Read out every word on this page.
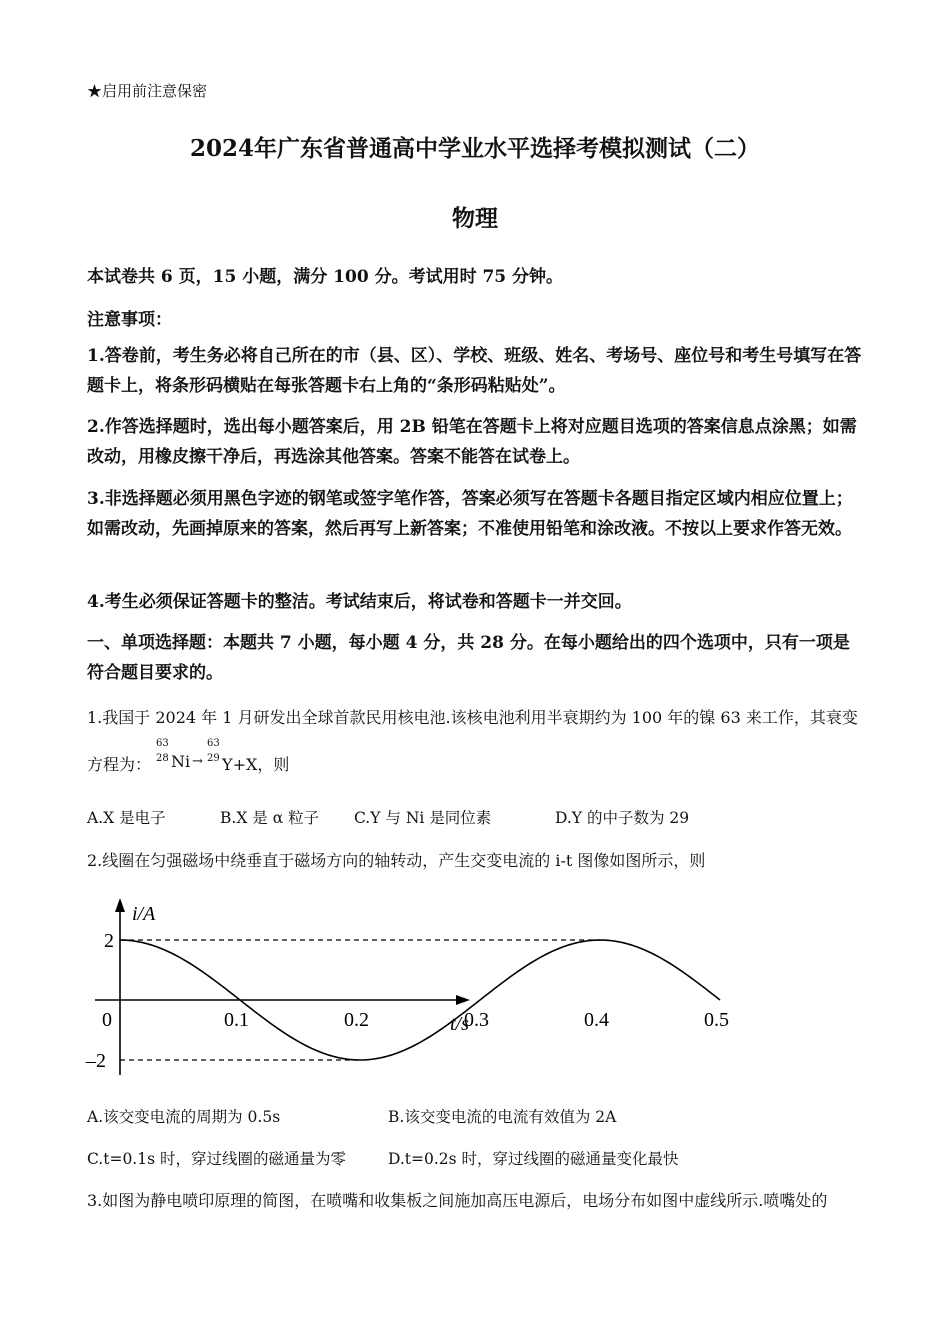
★启用前注意保密
2024年广东省普通高中学业水平选择考模拟测试（二）
物理
本试卷共 6 页，15 小题，满分 100 分。考试用时 75 分钟。
注意事项：
1.答卷前，考生务必将自己所在的市（县、区）、学校、班级、姓名、考场号、座位号和考生号填写在答题卡上，将条形码横贴在每张答题卡右上角的“条形码粘贴处”。
2.作答选择题时，选出每小题答案后，用 2B 铅笔在答题卡上将对应题目选项的答案信息点涂黑；如需改动，用橡皮擦干净后，再选涂其他答案。答案不能答在试卷上。
3.非选择题必须用黑色字迹的钢笔或签字笔作答，答案必须写在答题卡各题目指定区域内相应位置上；如需改动，先画掉原来的答案，然后再写上新答案；不准使用铅笔和涂改液。不按以上要求作答无效。
4.考生必须保证答题卡的整洁。考试结束后，将试卷和答题卡一并交回。
一、单项选择题：本题共 7 小题，每小题 4 分，共 28 分。在每小题给出的四个选项中，只有一项是符合题目要求的。
1.我国于 2024 年 1 月研发出全球首款民用核电池.该核电池利用半衰期约为 100 年的镍 63 来工作，其衰变
方程为：
63
28 Ni →
63
29 Y+X，则
A.X 是电子	B.X 是 α 粒子 C.Y 与 Ni 是同位素	D.Y 的中子数为 29
2.线圈在匀强磁场中绕垂直于磁场方向的轴转动，产生交变电流的 i-t 图像如图所示，则
i/A
t/s
2
–2
0	0.1	0.2	0.3	0.4	0.5
A.该交变电流的周期为 0.5s	B.该交变电流的电流有效值为 2A
C.t=0.1s 时，穿过线圈的磁通量为零	D.t=0.2s 时，穿过线圈的磁通量变化最快
3.如图为静电喷印原理的简图，在喷嘴和收集板之间施加高压电源后，电场分布如图中虚线所示.喷嘴处的
